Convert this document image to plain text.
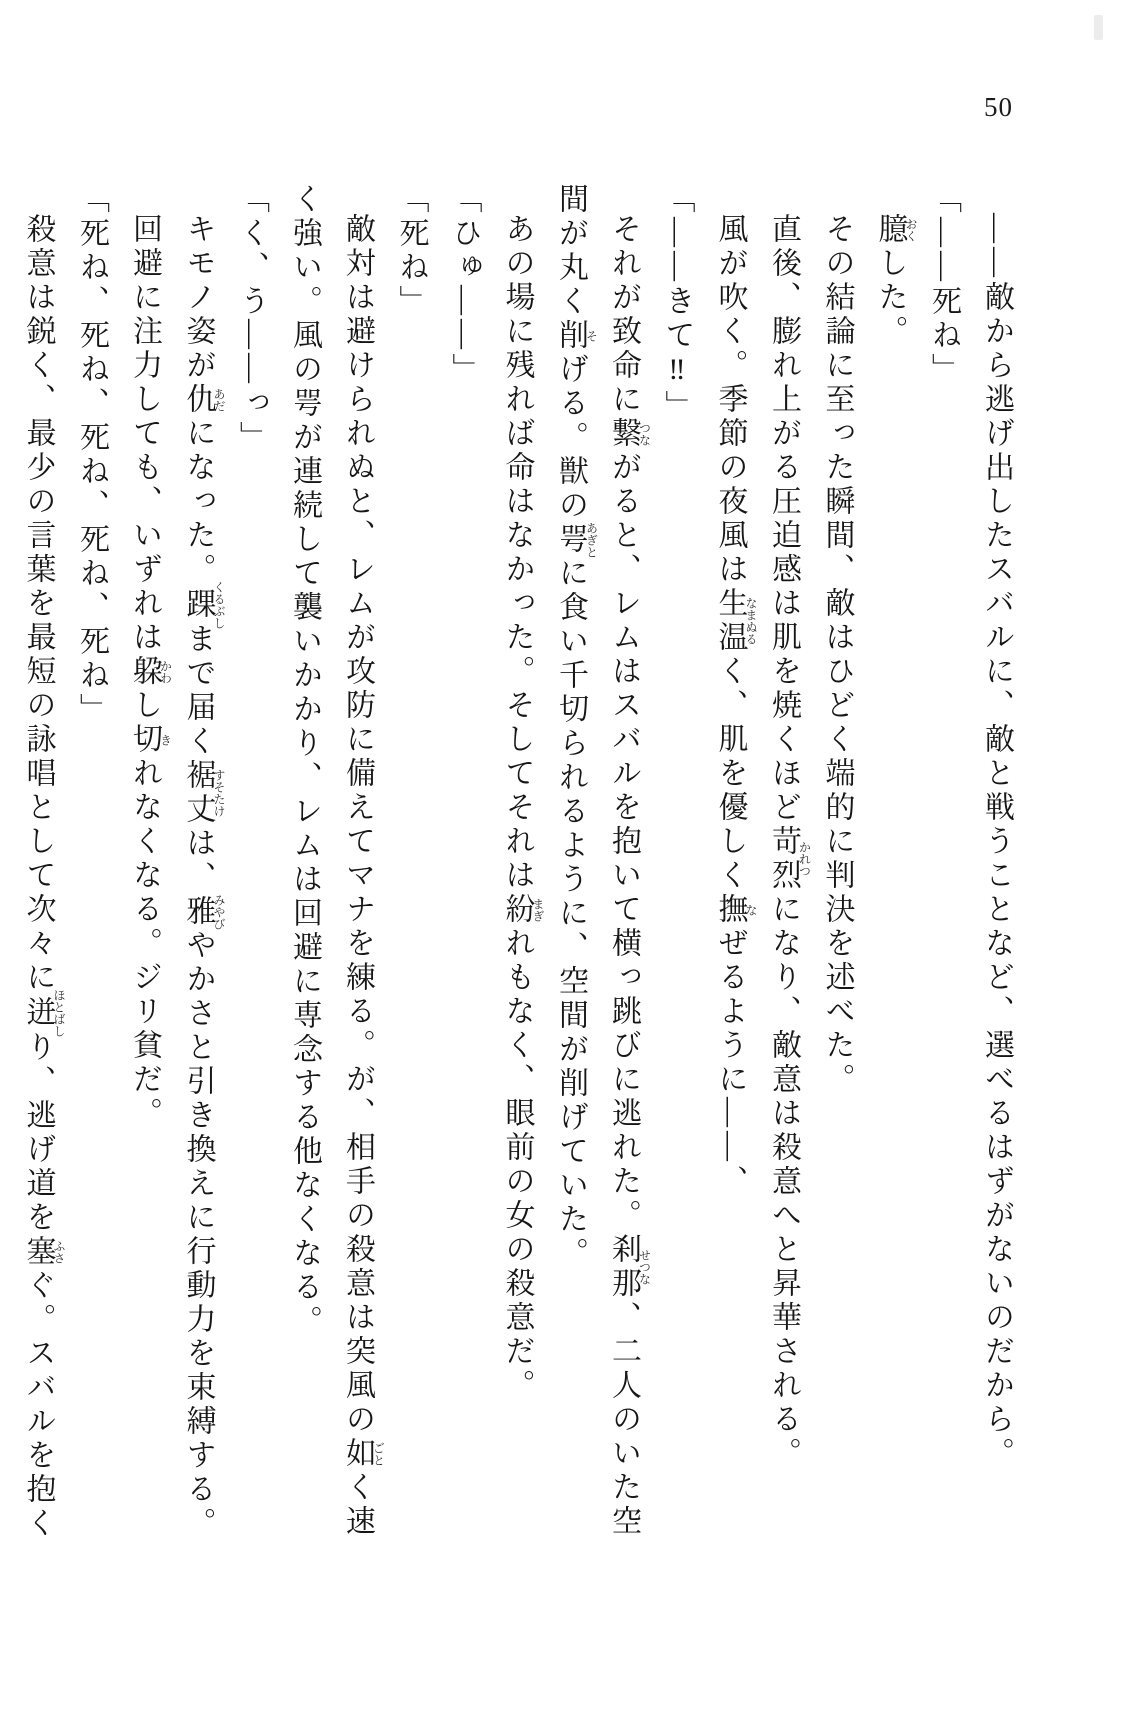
50

——敵から逃げ出したスバルに、敵と戦うことなど、選べるはずがないのだから。

「——死ね」

臆おくした。

その結論に至った瞬間、敵はひどく端的に判決を述べた。

直後、膨れ上がる圧迫感は肌を焼くほど苛烈かれつになり、敵意は殺意へと昇華される。

風が吹く。季節の夜風は生温なまぬるく、肌を優しく撫なぜるように——、

「——きて‼」

それが致命に繋つながると、レムはスバルを抱いて横っ跳びに逃れた。刹那せつな、二人のいた空間が丸く削そげる。獣の咢あぎとに食い千切られるように、空間が削げていた。

あの場に残れば命はなかった。そしてそれは紛まぎれもなく、眼前の女の殺意だ。

「ひゅ——」

「死ね」

敵対は避けられぬと、レムが攻防に備えてマナを練る。が、相手の殺意は突風の如ごとく速く強い。風の咢が連続して襲いかかり、レムは回避に専念する他なくなる。

「く、う——っ」

キモノ姿が仇あだになった。踝くるぶしまで届く裾丈すそたけは、雅みやびやかさと引き換えに行動力を束縛する。

回避に注力しても、いずれは躱かわし切きれなくなる。ジリ貧だ。

「死ね、死ね、死ね、死ね、死ね」

殺意は鋭く、最少の言葉を最短の詠唱として次々に迸ほとばしり、逃げ道を塞ふさぐ。スバルを抱く
